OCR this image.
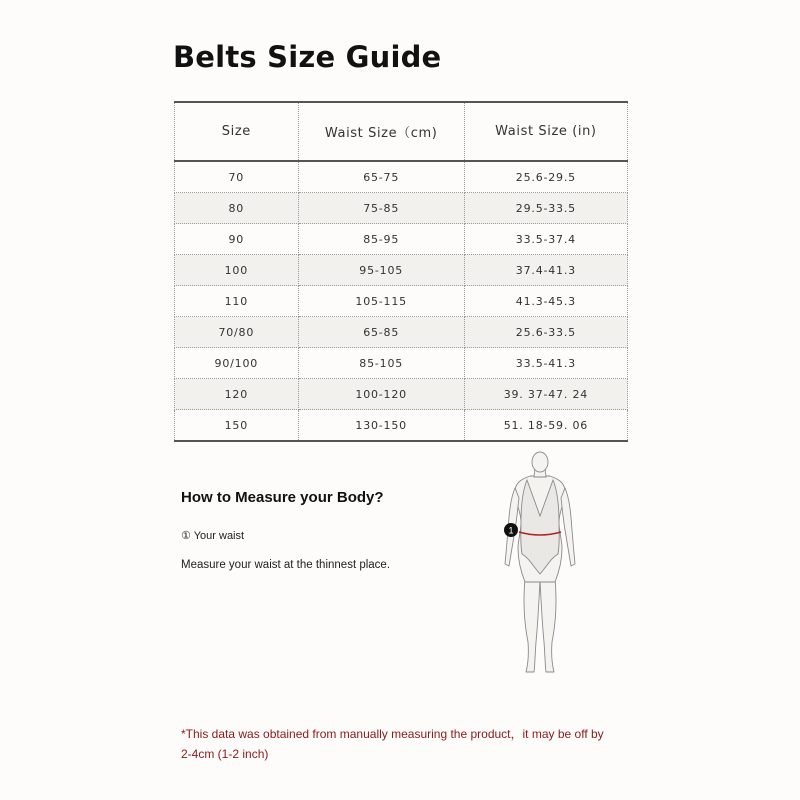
Belts Size Guide
Size	Waist Size（cm)	Waist Size (in)
70	65-75	25.6-29.5
80	75-85	29.5-33.5
90	85-95	33.5-37.4
100	95-105	37.4-41.3
110	105-115	41.3-45.3
70/80	65-85	25.6-33.5
90/100	85-105	33.5-41.3
120	100-120	39. 37-47. 24
150	130-150	51. 18-59. 06
How to Measure your Body?
① Your waist
Measure your waist at the thinnest place.
1
*This data was obtained from manually measuring the product，it may be off by
2-4cm (1-2 inch)
